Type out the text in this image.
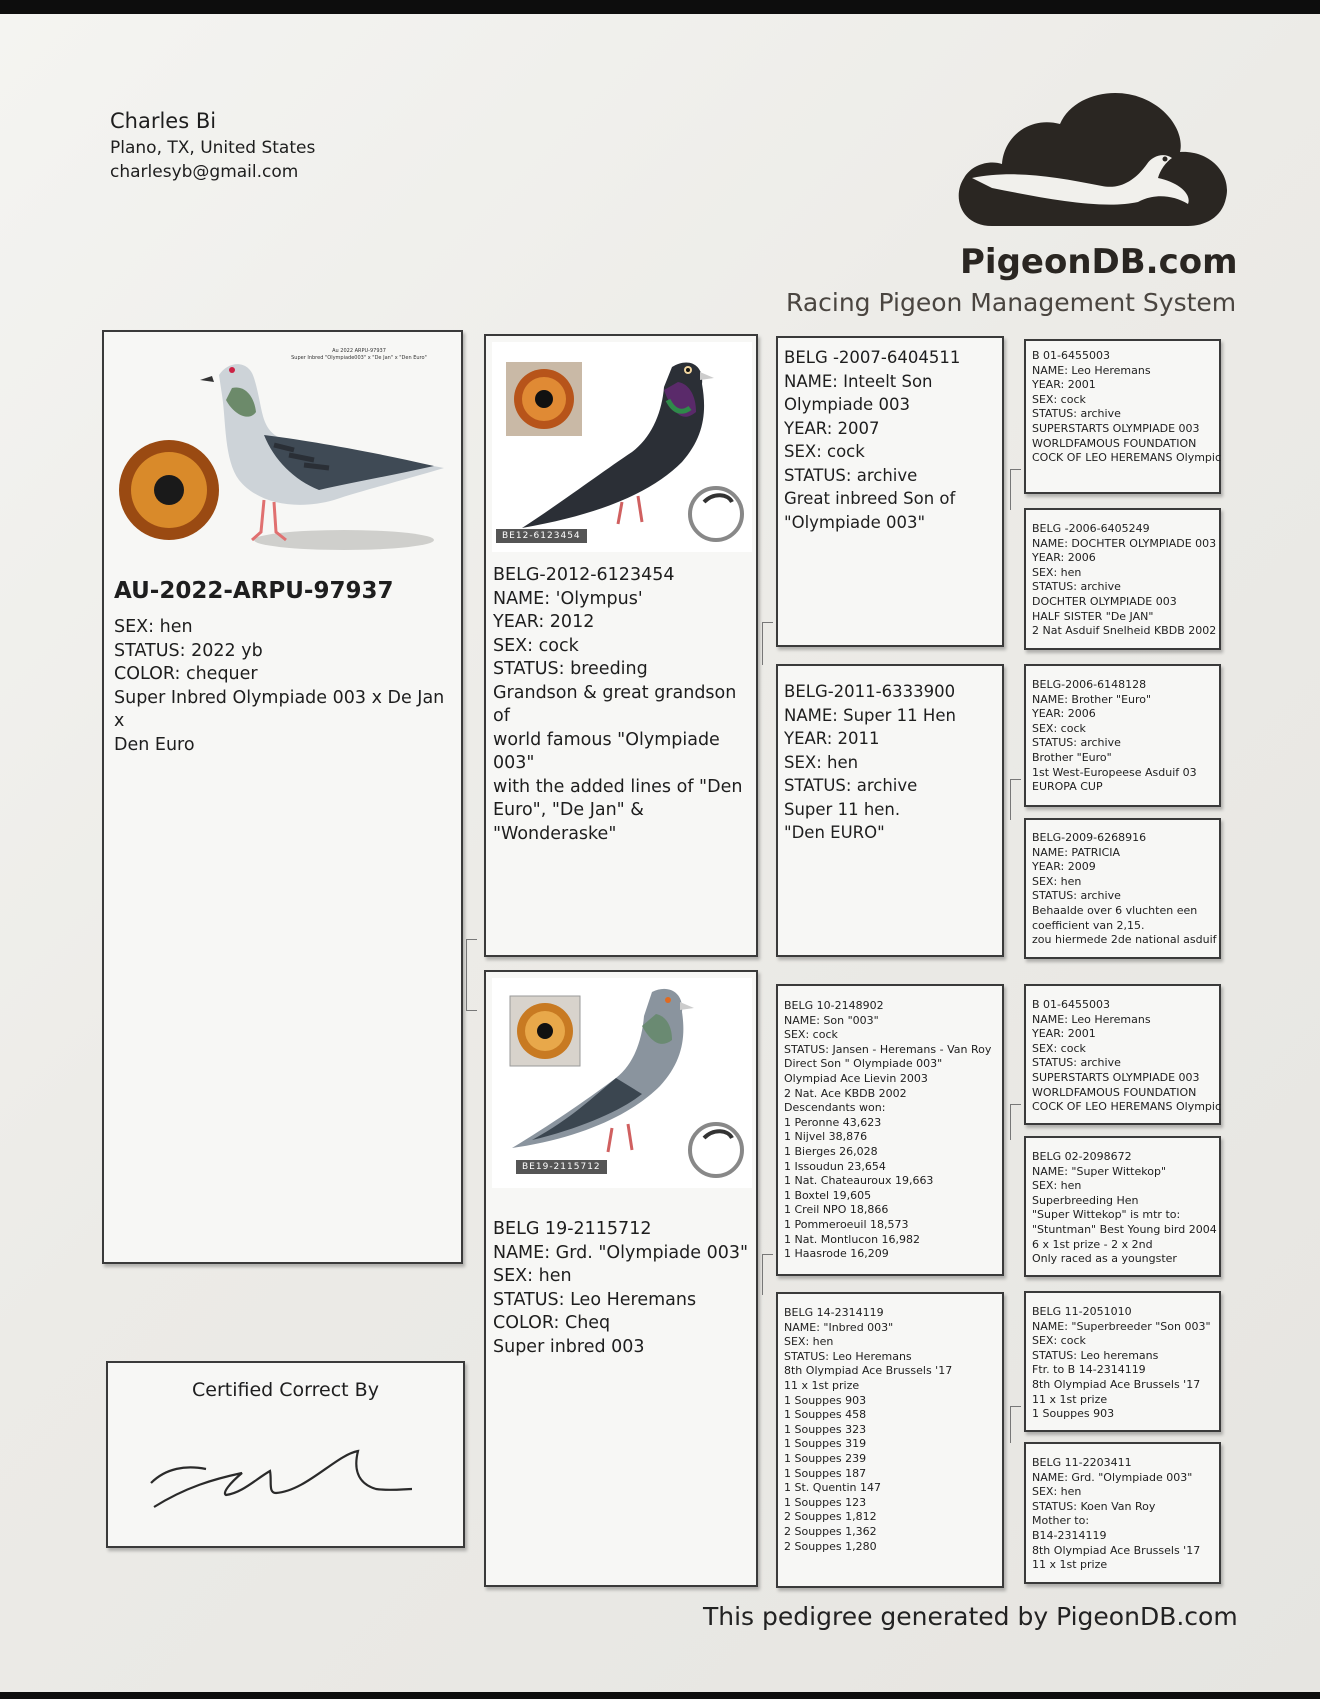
Charles Bi
Plano, TX, United States
charlesyb@gmail.com
PigeonDB.com
Racing Pigeon Management System
Au 2022 ARPU-97937
Super Inbred "Olympiade003" x "De Jan" x "Den Euro"
AU-2022-ARPU-97937
SEX: hen
STATUS: 2022 yb
COLOR: chequer
Super Inbred Olympiade 003 x De Jan x
Den Euro
Certified Correct By
BE12-6123454
BELG-2012-6123454
NAME: 'Olympus'
YEAR: 2012
SEX: cock
STATUS: breeding
Grandson & great grandson of
world famous "Olympiade 003"
with the added lines of "Den
Euro", "De Jan" &
"Wonderaske"
BE19-2115712
BELG 19-2115712
NAME: Grd. "Olympiade 003"
SEX: hen
STATUS: Leo Heremans
COLOR: Cheq
Super inbred 003
BELG -2007-6404511
NAME: Inteelt Son
Olympiade 003
YEAR: 2007
SEX: cock
STATUS: archive
Great inbreed Son of
"Olympiade 003"
BELG-2011-6333900
NAME: Super 11 Hen
YEAR: 2011
SEX: hen
STATUS: archive
Super 11 hen.
"Den EURO"
BELG 10-2148902
NAME: Son "003"
SEX: cock
STATUS: Jansen - Heremans - Van Roy
Direct Son " Olympiade 003"
Olympiad Ace Lievin 2003
2 Nat. Ace KBDB 2002
Descendants won:
1 Peronne 43,623
1 Nijvel 38,876
1 Bierges 26,028
1 Issoudun 23,654
1 Nat. Chateauroux 19,663
1 Boxtel 19,605
1 Creil NPO 18,866
1 Pommeroeuil 18,573
1 Nat. Montlucon 16,982
1 Haasrode 16,209
BELG 14-2314119
NAME: "Inbred 003"
SEX: hen
STATUS: Leo Heremans
8th Olympiad Ace Brussels '17
11 x 1st prize
1 Souppes 903
1 Souppes 458
1 Souppes 323
1 Souppes 319
1 Souppes 239
1 Souppes 187
1 St. Quentin 147
1 Souppes 123
2 Souppes 1,812
2 Souppes 1,362
2 Souppes 1,280
B 01-6455003
NAME: Leo Heremans
YEAR: 2001
SEX: cock
STATUS: archive
SUPERSTARTS OLYMPIADE 003
WORLDFAMOUS FOUNDATION
COCK OF LEO HEREMANS Olympic
BELG -2006-6405249
NAME: DOCHTER OLYMPIADE 003
YEAR: 2006
SEX: hen
STATUS: archive
DOCHTER OLYMPIADE 003
HALF SISTER "De JAN"
2 Nat Asduif Snelheid KBDB 2002
BELG-2006-6148128
NAME: Brother "Euro"
YEAR: 2006
SEX: cock
STATUS: archive
Brother "Euro"
1st West-Europeese Asduif 03
EUROPA CUP
BELG-2009-6268916
NAME: PATRICIA
YEAR: 2009
SEX: hen
STATUS: archive
Behaalde over 6 vluchten een
coefficient van 2,15.
zou hiermede 2de national asduif
B 01-6455003
NAME: Leo Heremans
YEAR: 2001
SEX: cock
STATUS: archive
SUPERSTARTS OLYMPIADE 003
WORLDFAMOUS FOUNDATION
COCK OF LEO HEREMANS Olympic
BELG 02-2098672
NAME: "Super Wittekop"
SEX: hen
Superbreeding Hen
"Super Wittekop" is mtr to:
"Stuntman" Best Young bird 2004
6 x 1st prize - 2 x 2nd
Only raced as a youngster
BELG 11-2051010
NAME: "Superbreeder "Son 003"
SEX: cock
STATUS: Leo heremans
Ftr. to B 14-2314119
8th Olympiad Ace Brussels '17
11 x 1st prize
1 Souppes 903
BELG 11-2203411
NAME: Grd. "Olympiade 003"
SEX: hen
STATUS: Koen Van Roy
Mother to:
B14-2314119
8th Olympiad Ace Brussels '17
11 x 1st prize
This pedigree generated by PigeonDB.com
